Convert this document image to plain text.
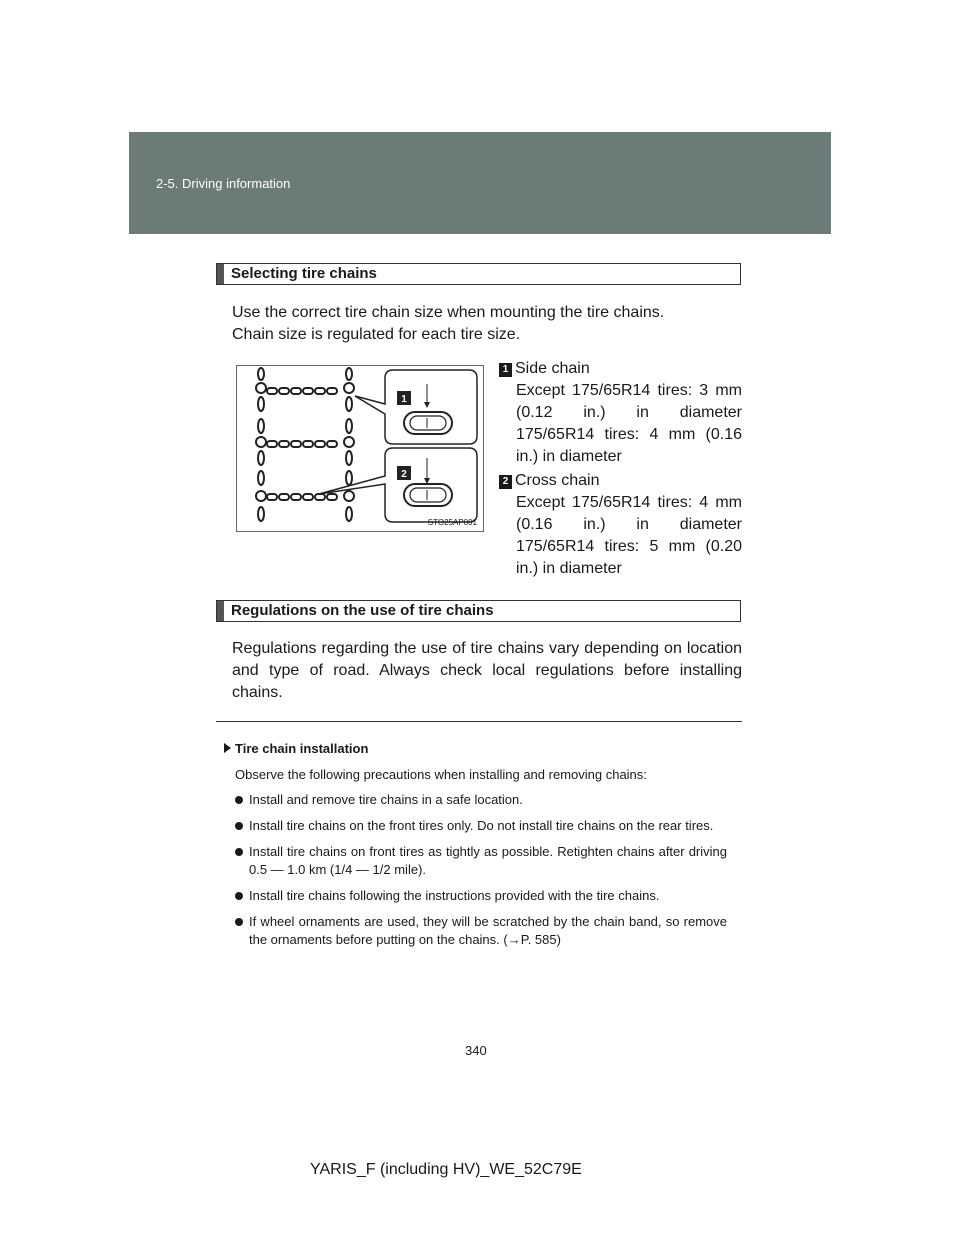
2-5. Driving information
Selecting tire chains
Use the correct tire chain size when mounting the tire chains.
Chain size is regulated for each tire size.
1
2
STO25AP001
1 Side chain
Except 175/65R14 tires: 3 mm (0.12 in.) in diameter 175/65R14 tires: 4 mm (0.16 in.) in diameter
2 Cross chain
Except 175/65R14 tires: 4 mm (0.16 in.) in diameter 175/65R14 tires: 5 mm (0.20 in.) in diameter
Regulations on the use of tire chains
Regulations regarding the use of tire chains vary depending on location and type of road. Always check local regulations before installing chains.
Tire chain installation
Observe the following precautions when installing and removing chains:
Install and remove tire chains in a safe location.
Install tire chains on the front tires only. Do not install tire chains on the rear tires.
Install tire chains on front tires as tightly as possible. Retighten chains after driving 0.5 — 1.0 km (1/4 — 1/2 mile).
Install tire chains following the instructions provided with the tire chains.
If wheel ornaments are used, they will be scratched by the chain band, so remove the ornaments before putting on the chains. (→P. 585)
340
YARIS_F (including HV)_WE_52C79E
